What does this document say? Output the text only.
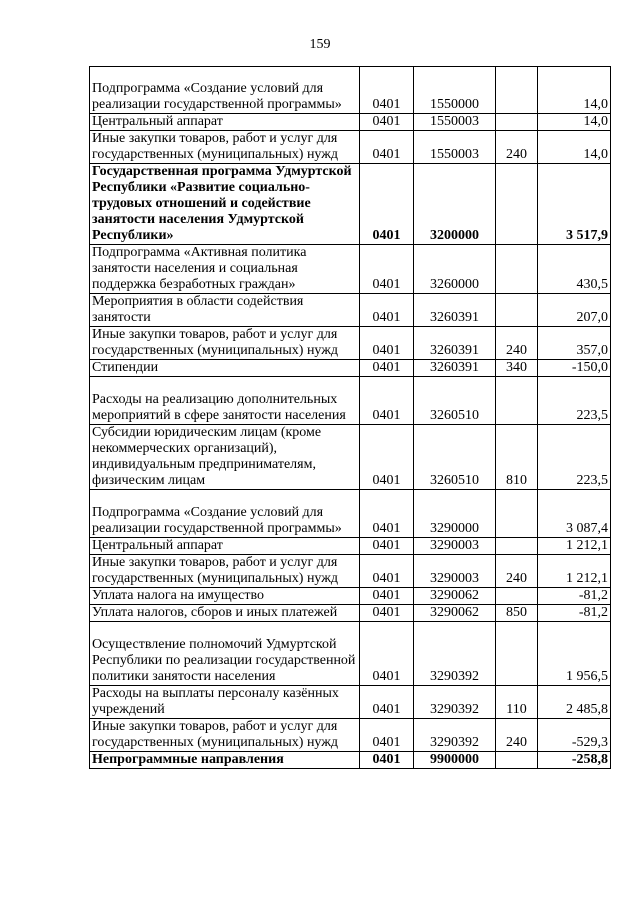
159
Подпрограмма «Создание условий для реализации государственной программы»	0401	1550000		14,0
Центральный аппарат	0401	1550003		14,0
Иные закупки товаров, работ и услуг для государственных (муниципальных) нужд	0401	1550003	240	14,0
Государственная программа Удмуртской Республики «Развитие социально-трудовых отношений и содействие занятости населения Удмуртской Республики»	0401	3200000		3 517,9
Подпрограмма «Активная политика занятости населения и социальная поддержка безработных граждан»	0401	3260000		430,5
Мероприятия в области содействия занятости	0401	3260391		207,0
Иные закупки товаров, работ и услуг для государственных (муниципальных) нужд	0401	3260391	240	357,0
Стипендии	0401	3260391	340	-150,0
Расходы на реализацию дополнительных мероприятий в сфере занятости населения	0401	3260510		223,5
Субсидии юридическим лицам (кроме некоммерческих организаций), индивидуальным предпринимателям, физическим лицам	0401	3260510	810	223,5
Подпрограмма «Создание условий для реализации государственной программы»	0401	3290000		3 087,4
Центральный аппарат	0401	3290003		1 212,1
Иные закупки товаров, работ и услуг для государственных (муниципальных) нужд	0401	3290003	240	1 212,1
Уплата налога на имущество	0401	3290062		-81,2
Уплата налогов, сборов и иных платежей	0401	3290062	850	-81,2
Осуществление полномочий Удмуртской Республики по реализации государственной политики занятости населения	0401	3290392		1 956,5
Расходы на выплаты персоналу казённых учреждений	0401	3290392	110	2 485,8
Иные закупки товаров, работ и услуг для государственных (муниципальных) нужд	0401	3290392	240	-529,3
Непрограммные направления	0401	9900000		-258,8
